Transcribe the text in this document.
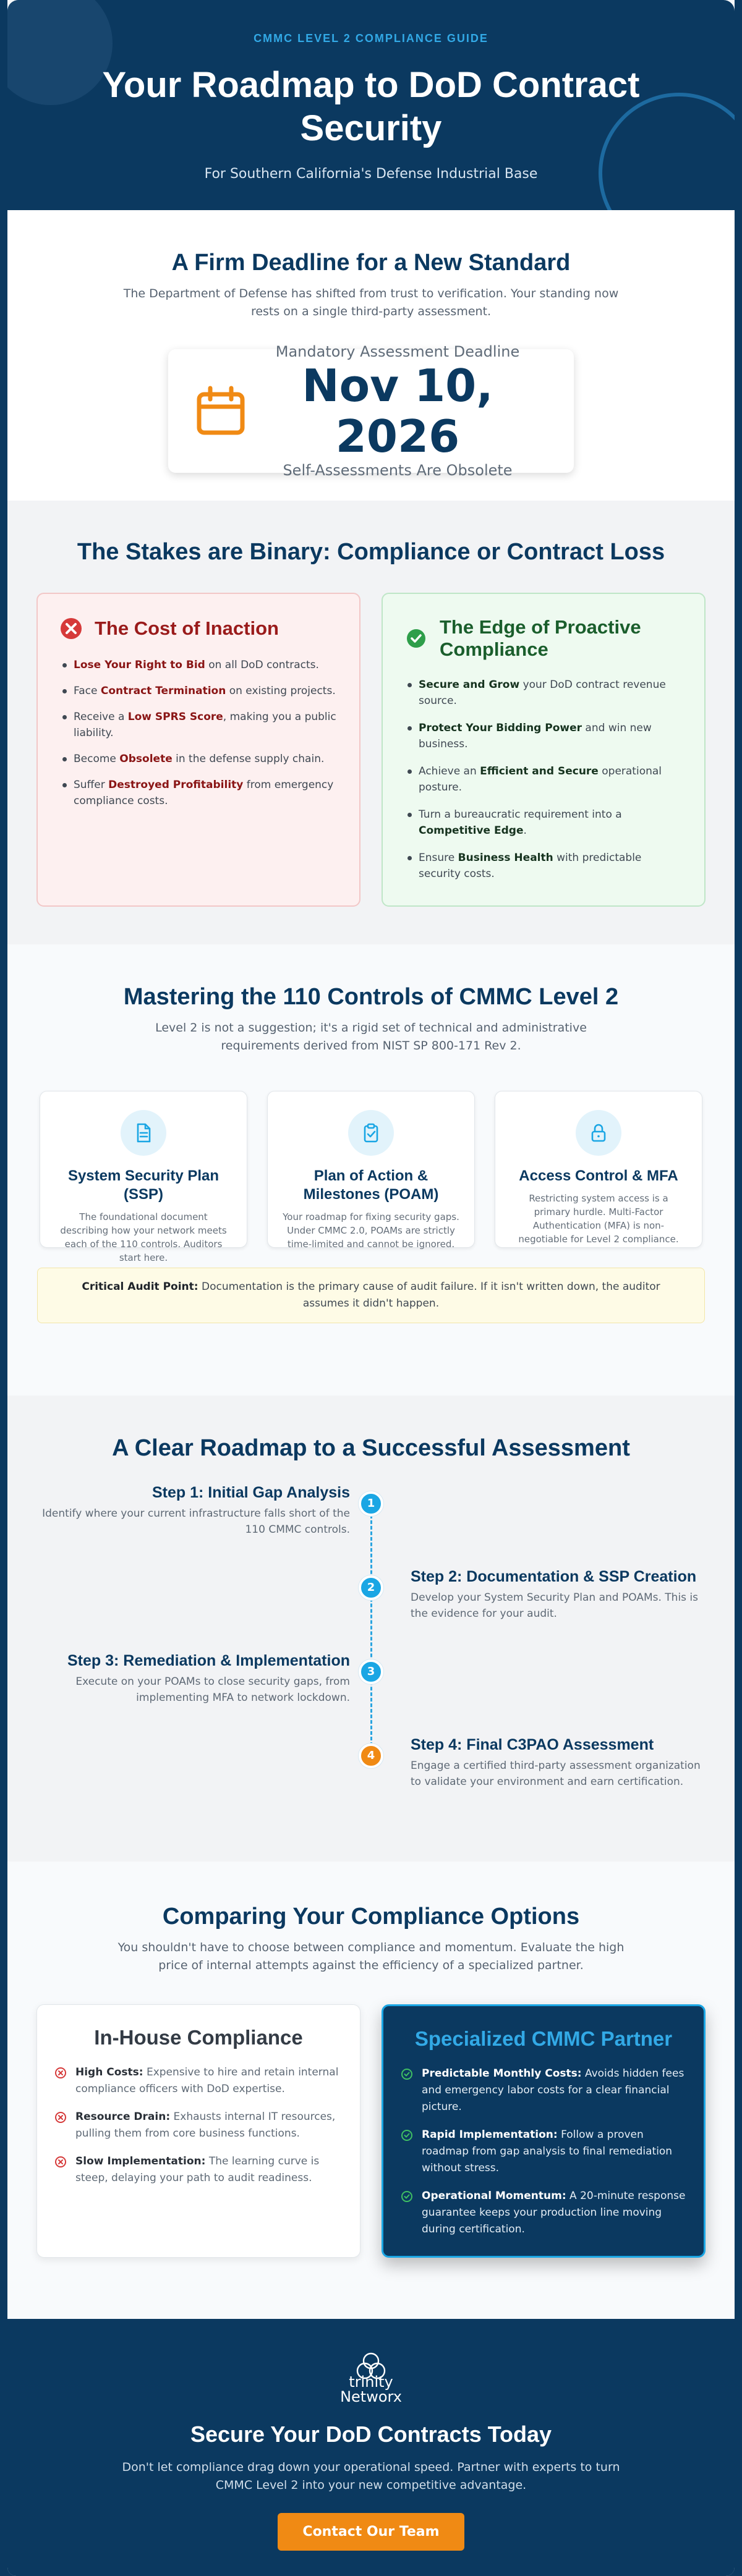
CMMC LEVEL 2 COMPLIANCE GUIDE
Your Roadmap to DoD Contract Security
For Southern California's Defense Industrial Base
A Firm Deadline for a New Standard

The Department of Defense has shifted from trust to verification. Your standing now rests on a single third-party assessment.

Mandatory Assessment Deadline
Nov 10, 2026
Self-Assessments Are Obsolete
The Stakes are Binary: Compliance or Contract Loss
The Cost of Inaction
Lose Your Right to Bid on all DoD contracts.
Face Contract Termination on existing projects.
Receive a Low SPRS Score, making you a public liability.
Become Obsolete in the defense supply chain.
Suffer Destroyed Profitability from emergency compliance costs.
The Edge of Proactive Compliance
Secure and Grow your DoD contract revenue source.
Protect Your Bidding Power and win new business.
Achieve an Efficient and Secure operational posture.
Turn a bureaucratic requirement into a Competitive Edge.
Ensure Business Health with predictable security costs.
Mastering the 110 Controls of CMMC Level 2

Level 2 is not a suggestion; it's a rigid set of technical and administrative requirements derived from NIST SP 800-171 Rev 2.

System Security Plan (SSP)

The foundational document describing how your network meets each of the 110 controls. Auditors start here.

Plan of Action & Milestones (POAM)

Your roadmap for fixing security gaps. Under CMMC 2.0, POAMs are strictly time-limited and cannot be ignored.

Access Control & MFA

Restricting system access is a primary hurdle. Multi-Factor Authentication (MFA) is non-negotiable for Level 2 compliance.

Critical Audit Point: Documentation is the primary cause of audit failure. If it isn't written down, the auditor assumes it didn't happen.

A Clear Roadmap to a Successful Assessment
1
2
3
4
Step 1: Initial Gap Analysis

Identify where your current infrastructure falls short of the 110 CMMC controls.

Step 2: Documentation & SSP Creation

Develop your System Security Plan and POAMs. This is the evidence for your audit.

Step 3: Remediation & Implementation

Execute on your POAMs to close security gaps, from implementing MFA to network lockdown.

Step 4: Final C3PAO Assessment

Engage a certified third-party assessment organization to validate your environment and earn certification.

Comparing Your Compliance Options

You shouldn't have to choose between compliance and momentum. Evaluate the high price of internal attempts against the efficiency of a specialized partner.

In-House Compliance
High Costs: Expensive to hire and retain internal compliance officers with DoD expertise.
Resource Drain: Exhausts internal IT resources, pulling them from core business functions.
Slow Implementation: The learning curve is steep, delaying your path to audit readiness.
Specialized CMMC Partner
Predictable Monthly Costs: Avoids hidden fees and emergency labor costs for a clear financial picture.
Rapid Implementation: Follow a proven roadmap from gap analysis to final remediation without stress.
Operational Momentum: A 20-minute response guarantee keeps your production line moving during certification.
trinity
Networx
Secure Your DoD Contracts Today

Don't let compliance drag down your operational speed. Partner with experts to turn CMMC Level 2 into your new competitive advantage.

Contact Our Team
